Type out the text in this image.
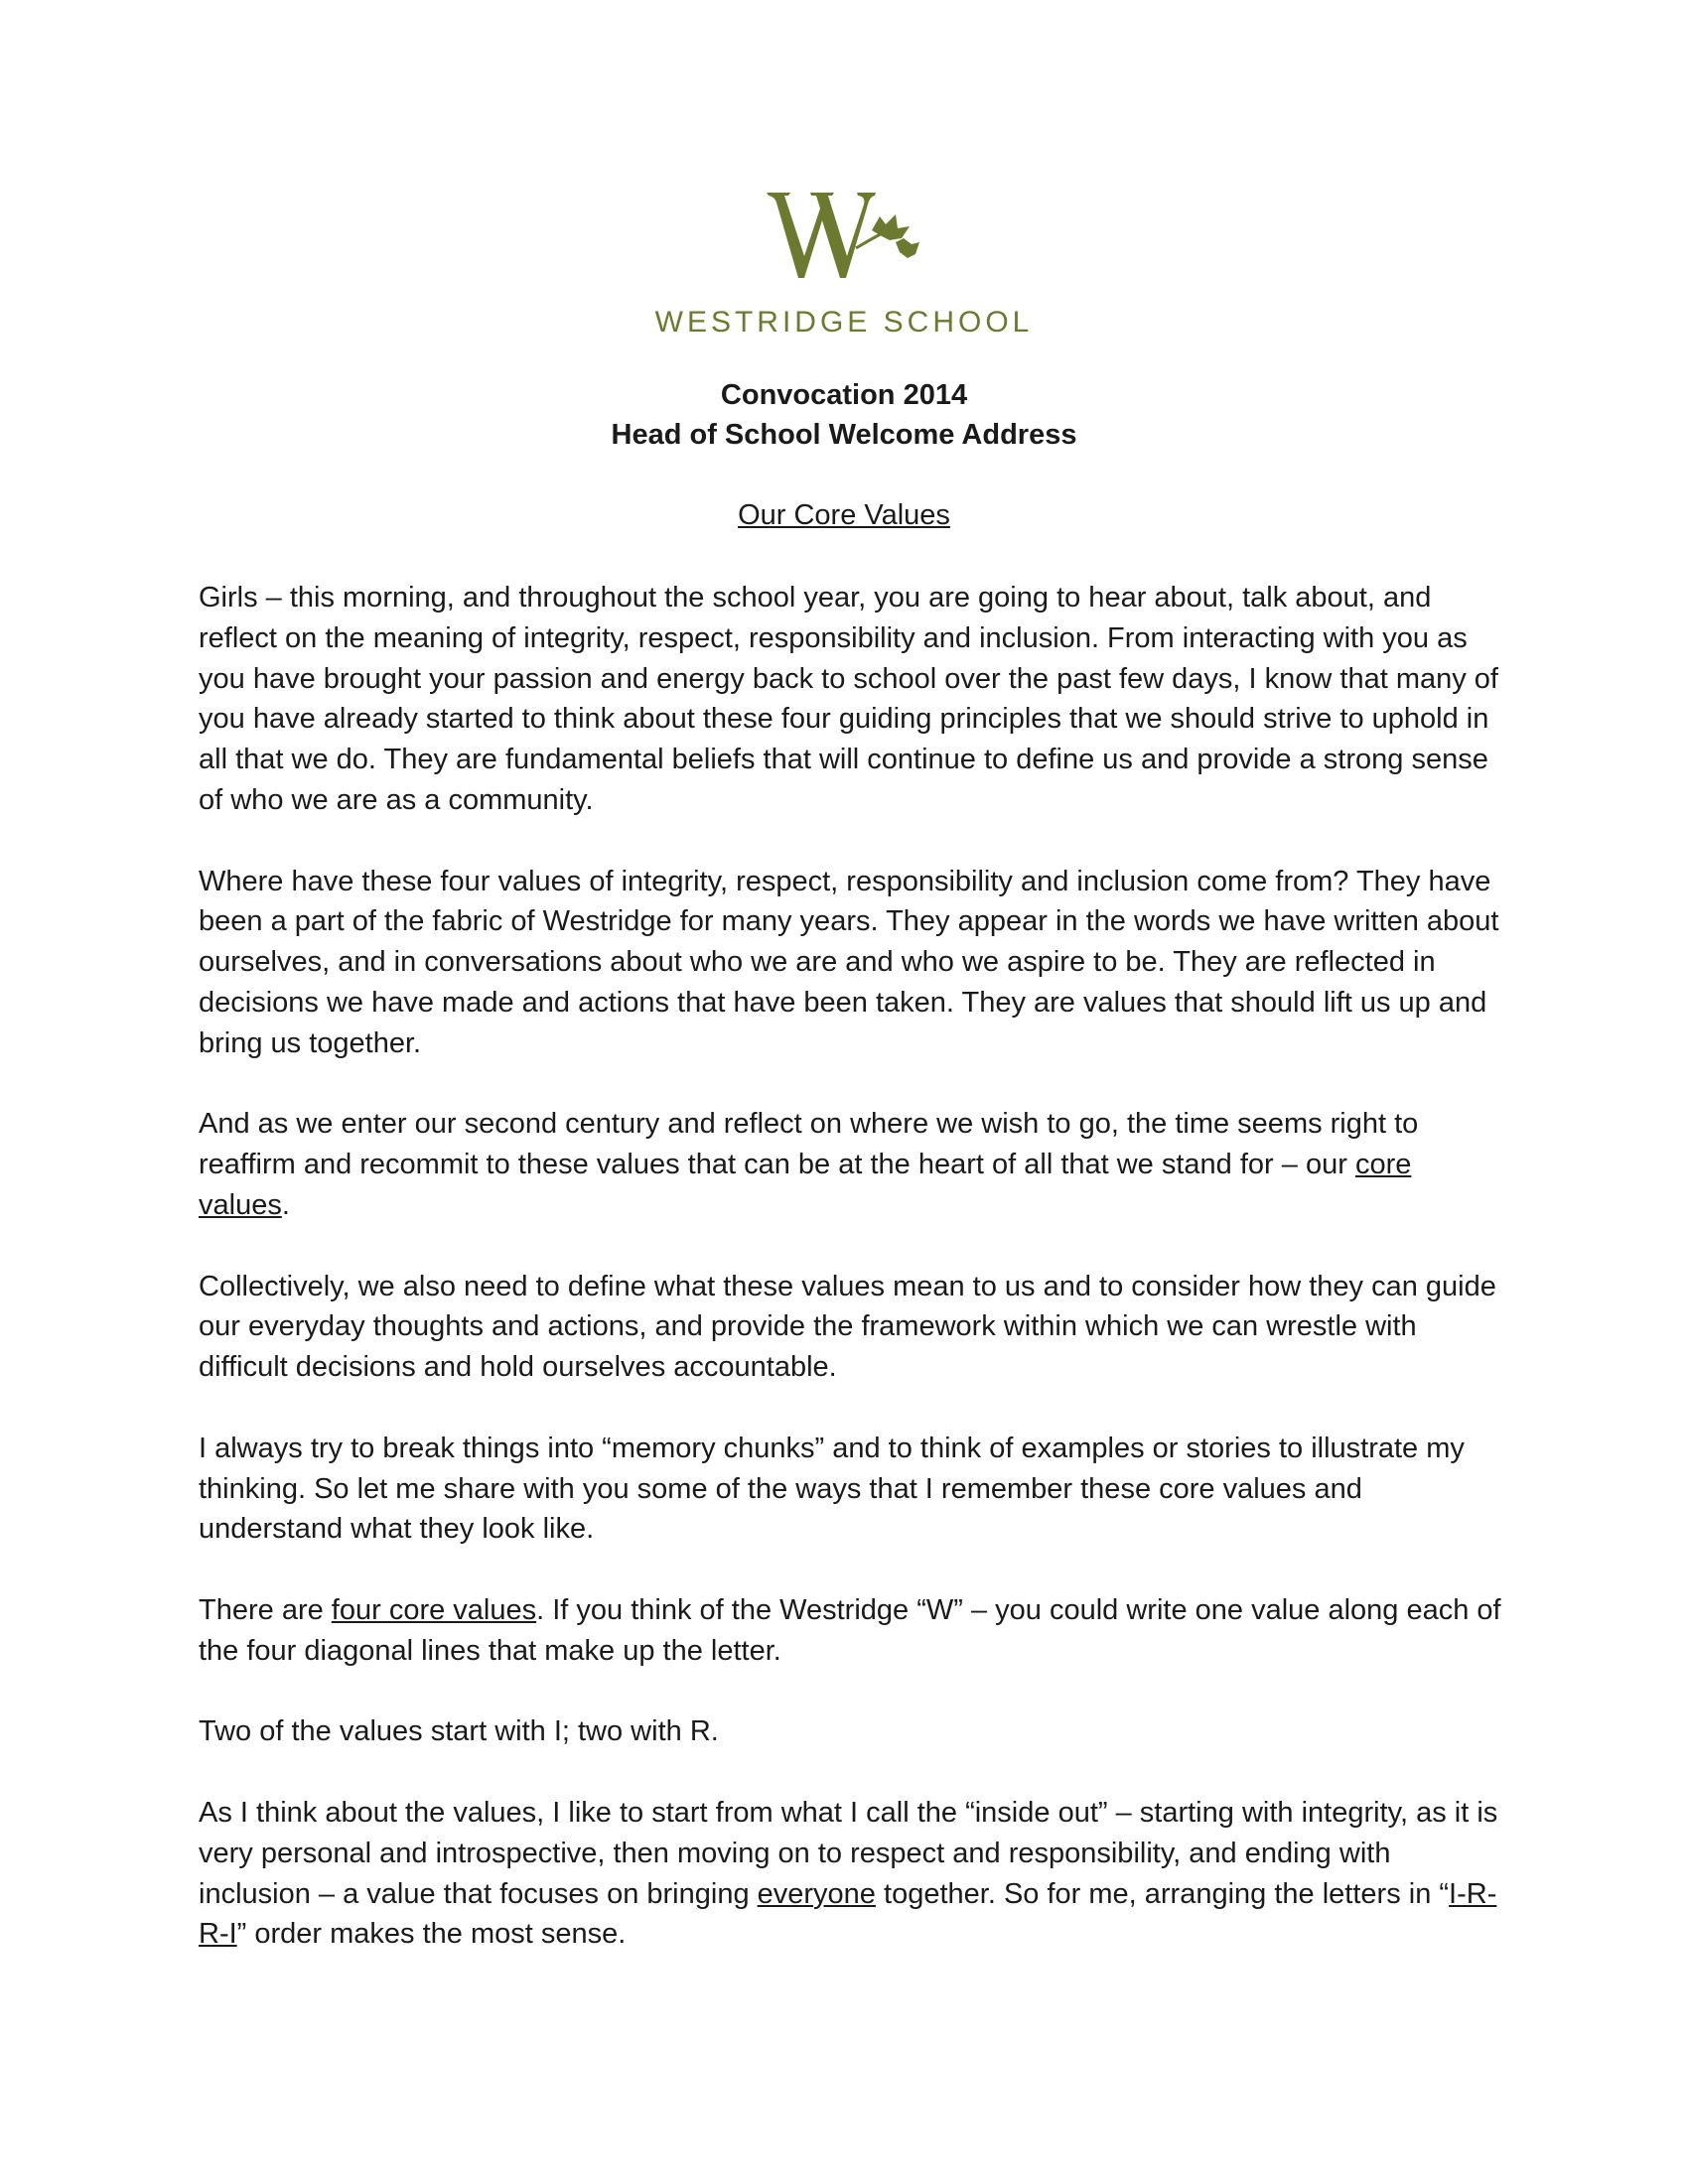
WESTRIDGE SCHOOL
Convocation 2014
Head of School Welcome Address
Our Core Values

Girls – this morning, and throughout the school year, you are going to hear about, talk about, and reflect on the meaning of integrity, respect, responsibility and inclusion. From interacting with you as you have brought your passion and energy back to school over the past few days, I know that many of you have already started to think about these four guiding principles that we should strive to uphold in all that we do. They are fundamental beliefs that will continue to define us and provide a strong sense of who we are as a community.

Where have these four values of integrity, respect, responsibility and inclusion come from? They have been a part of the fabric of Westridge for many years. They appear in the words we have written about ourselves, and in conversations about who we are and who we aspire to be. They are reflected in decisions we have made and actions that have been taken. They are values that should lift us up and bring us together.

And as we enter our second century and reflect on where we wish to go, the time seems right to reaffirm and recommit to these values that can be at the heart of all that we stand for – our core values.

Collectively, we also need to define what these values mean to us and to consider how they can guide our everyday thoughts and actions, and provide the framework within which we can wrestle with difficult decisions and hold ourselves accountable.

I always try to break things into “memory chunks” and to think of examples or stories to illustrate my thinking. So let me share with you some of the ways that I remember these core values and understand what they look like.

There are four core values. If you think of the Westridge “W” – you could write one value along each of the four diagonal lines that make up the letter.

Two of the values start with I; two with R.

As I think about the values, I like to start from what I call the “inside out” – starting with integrity, as it is very personal and introspective, then moving on to respect and responsibility, and ending with inclusion – a value that focuses on bringing everyone together. So for me, arranging the letters in “I-R-R-I” order makes the most sense.
